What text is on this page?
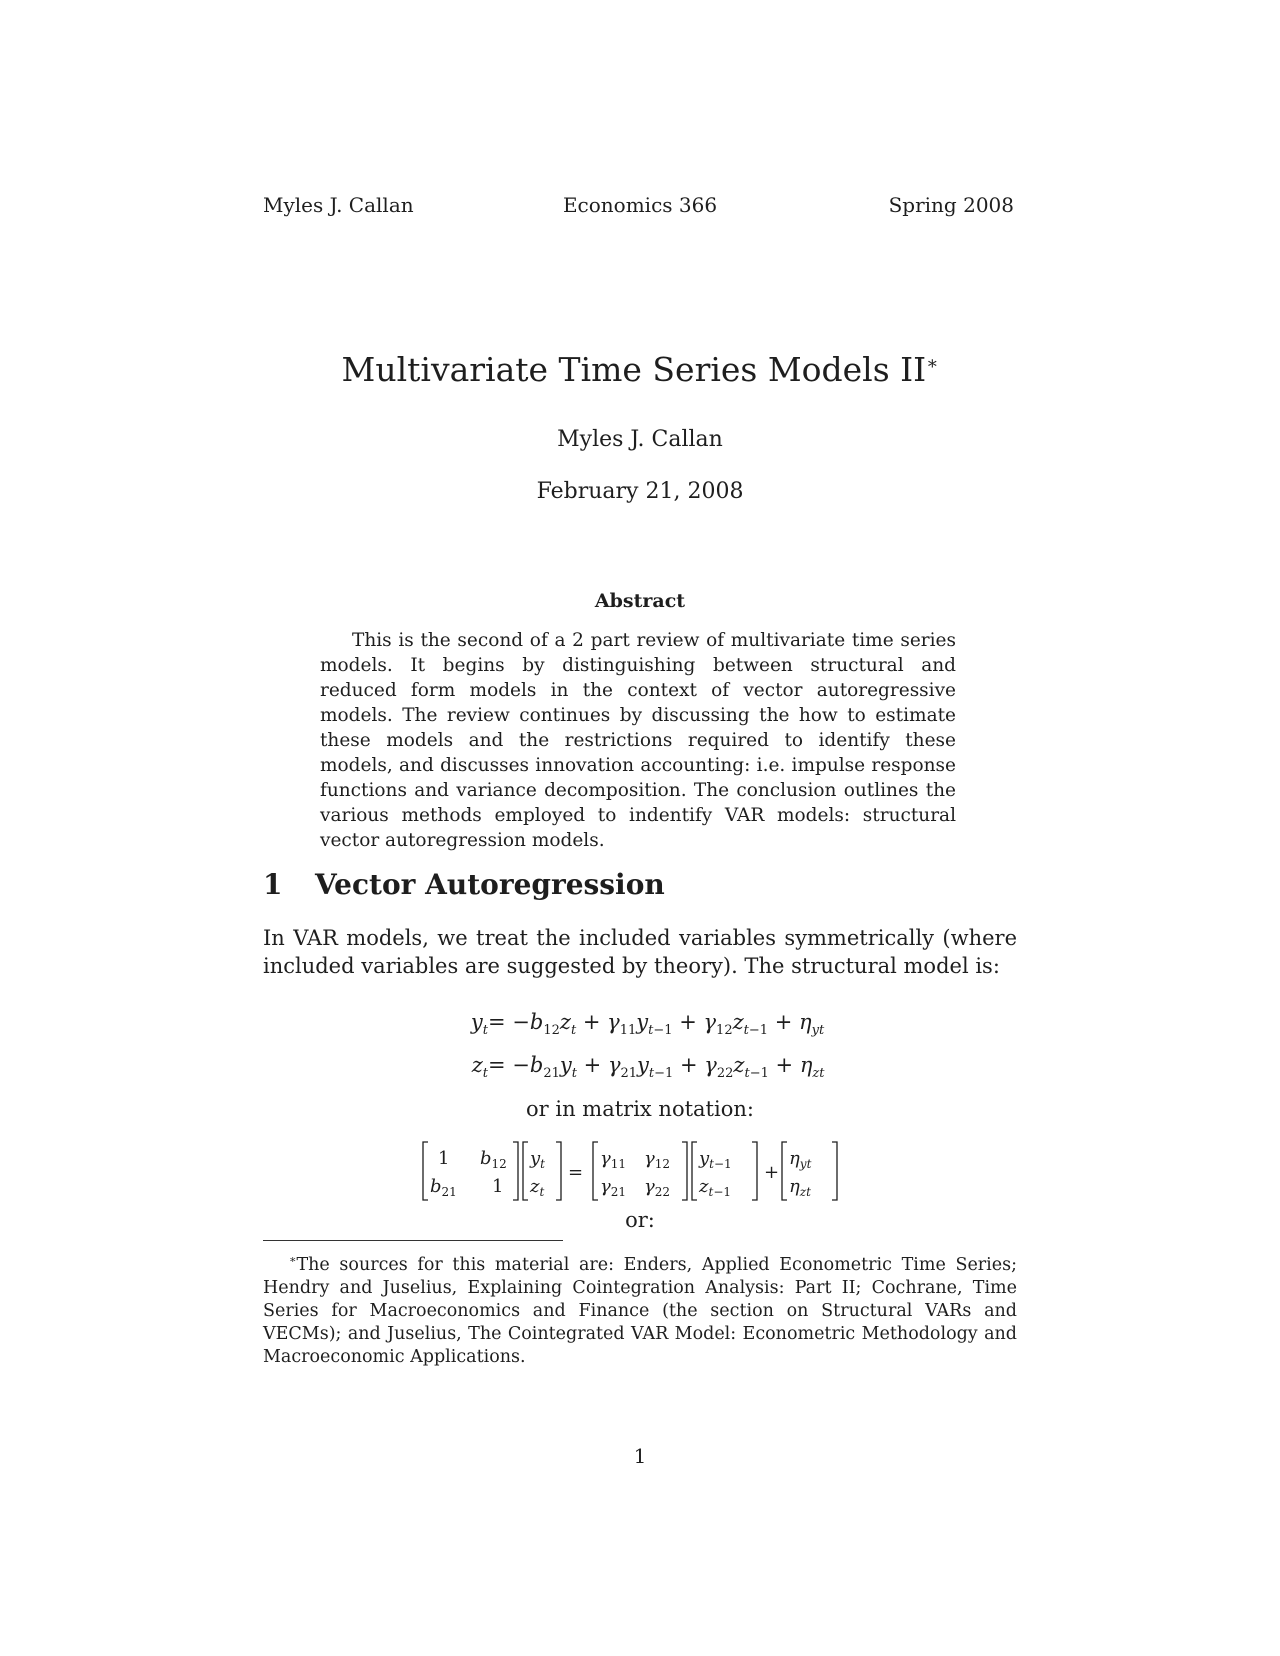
Myles J. Callan	Economics 366	Spring 2008
Multivariate Time Series Models II∗
Myles J. Callan
February 21, 2008
Abstract
This is the second of a 2 part review of multivariate time series models. It begins by distinguishing between structural and reduced form models in the context of vector autoregressive models. The review continues by discussing the how to estimate these models and the restrictions required to identify these models, and discusses innovation accounting: i.e. impulse response functions and variance decomposition. The conclusion outlines the various methods employed to indentify VAR models: structural vector autoregression models.
1 Vector Autoregression
In VAR models, we treat the included variables symmetrically (where included variables are suggested by theory). The structural model is:
$y_t = -b_{12}z_t + \gamma_{11}y_{t-1} + \gamma_{12}z_{t-1} + \eta_{yt}$
$z_t = -b_{21}y_t + \gamma_{21}y_{t-1} + \gamma_{22}z_{t-1} + \eta_{zt}$
or in matrix notation:
1 $b_{12}$
$b_{21}$ 1
$y_t$
$z_t$
=
$\gamma_{11}$ $\gamma_{12}$
$\gamma_{21}$ $\gamma_{22}$
$y_t-1$
$z_t-1$
+
$\eta_{yt}$
$\eta_{zt}$
or:
∗The sources for this material are: Enders, Applied Econometric Time Series; Hendry and Juselius, Explaining Cointegration Analysis: Part II; Cochrane, Time Series for Macroeconomics and Finance (the section on Structural VARs and VECMs); and Juselius, The Cointegrated VAR Model: Econometric Methodology and Macroeconomic Applications.
1
